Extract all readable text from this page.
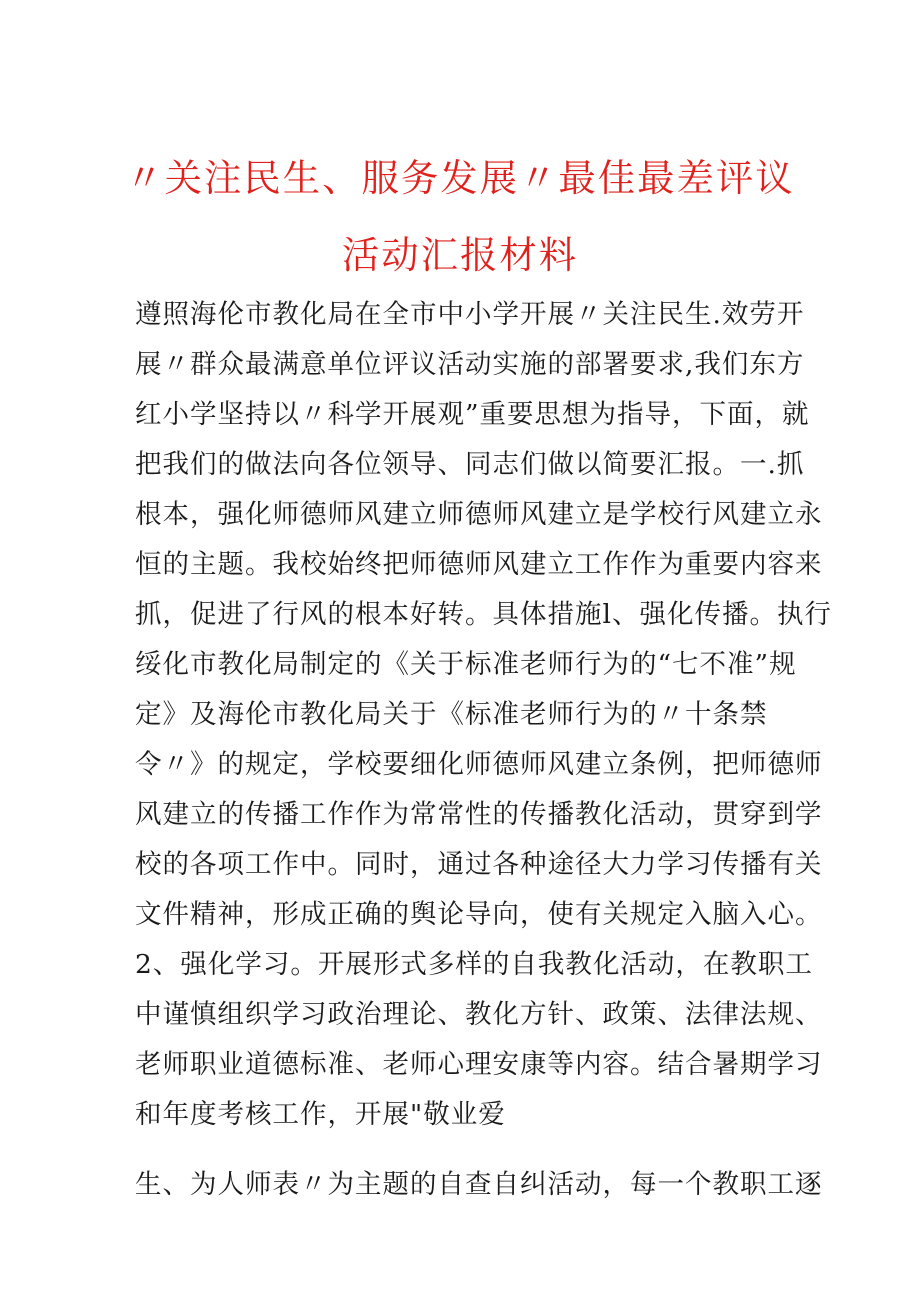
〃关注民生、服务发展〃最佳最差评议
活动汇报材料
遵照海伦市教化局在全市中小学开展〃关注民生.效劳开
展〃群众最满意单位评议活动实施的部署要求,我们东方
红小学坚持以〃科学开展观”重要思想为指导，下面，就
把我们的做法向各位领导、同志们做以简要汇报。一.抓
根本，强化师德师风建立师德师风建立是学校行风建立永
恒的主题。我校始终把师德师风建立工作作为重要内容来
抓，促进了行风的根本好转。具体措施l、强化传播。执行
绥化市教化局制定的《关于标准老师行为的“七不准”规
定》及海伦市教化局关于《标准老师行为的〃十条禁
令〃》的规定，学校要细化师德师风建立条例，把师德师
风建立的传播工作作为常常性的传播教化活动，贯穿到学
校的各项工作中。同时，通过各种途径大力学习传播有关
文件精神，形成正确的舆论导向，使有关规定入脑入心。
2、强化学习。开展形式多样的自我教化活动，在教职工
中谨慎组织学习政治理论、教化方针、政策、法律法规、
老师职业道德标准、老师心理安康等内容。结合暑期学习
和年度考核工作，开展"敬业爱
生、为人师表〃为主题的自查自纠活动，每一个教职工逐
